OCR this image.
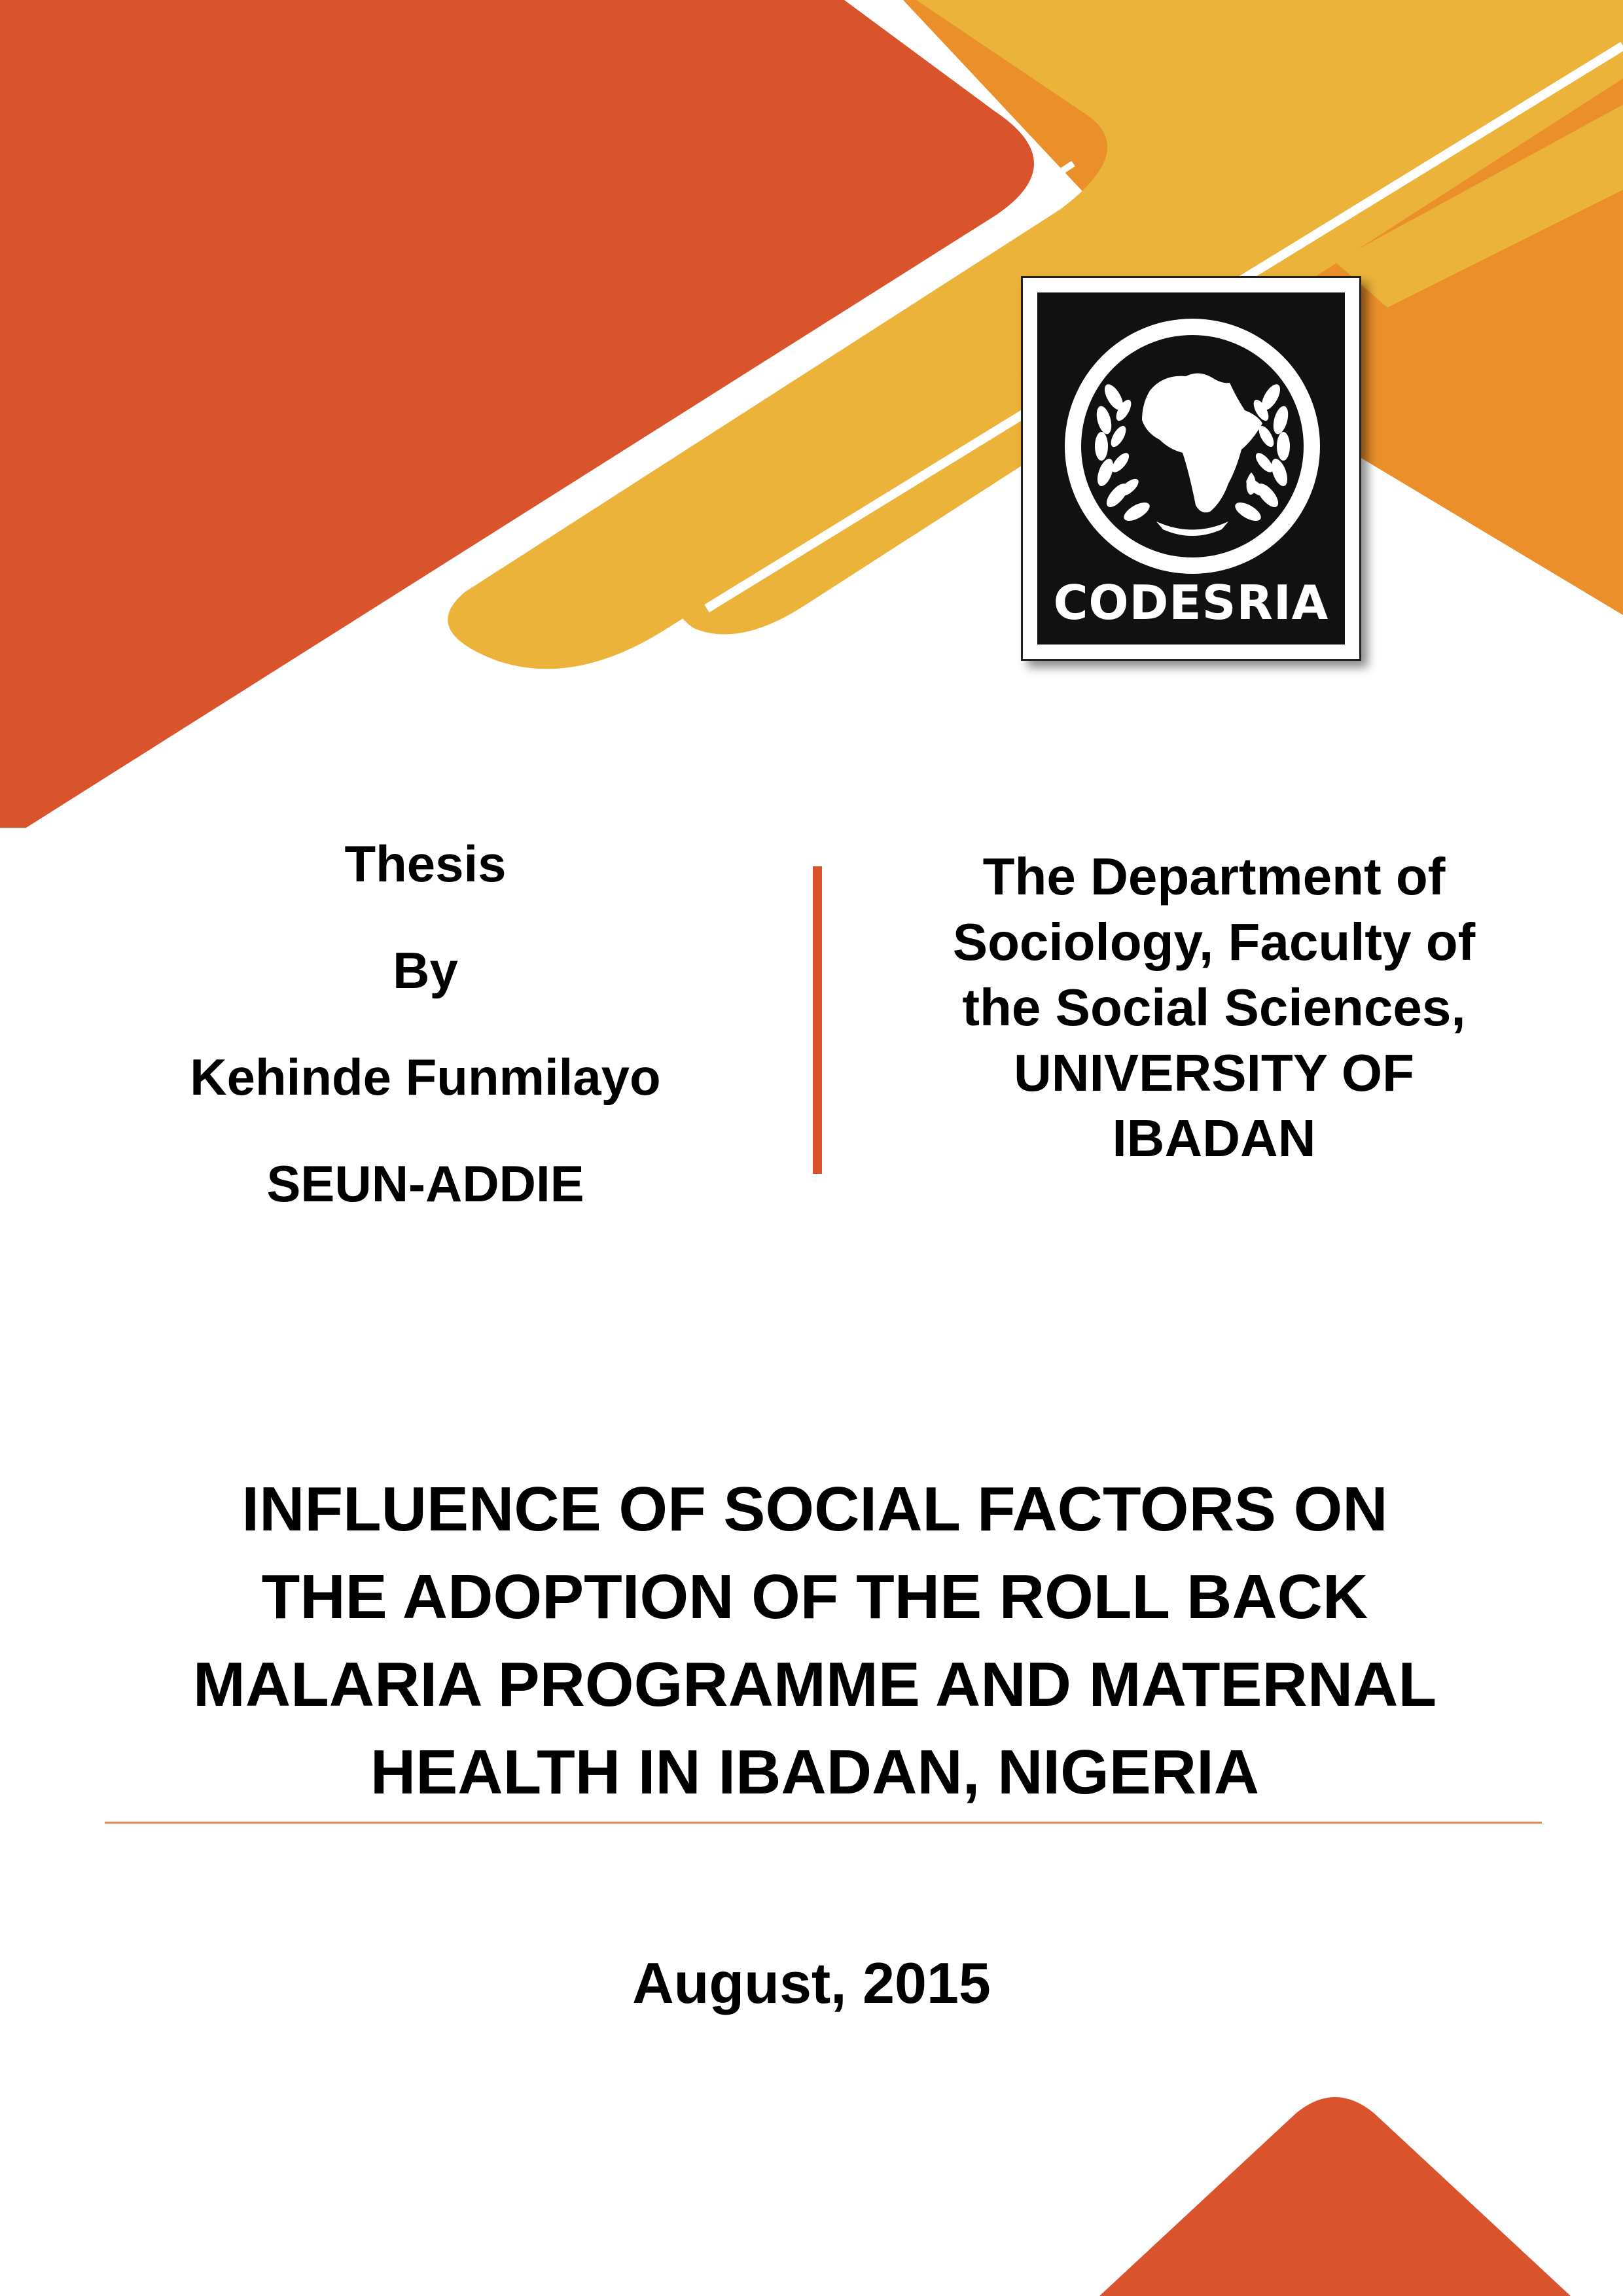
CODESRIA
Thesis
By
Kehinde Funmilayo
SEUN-ADDIE
The Department of
Sociology, Faculty of
the Social Sciences,
UNIVERSITY OF
IBADAN
INFLUENCE OF SOCIAL FACTORS ON
THE ADOPTION OF THE ROLL BACK
MALARIA PROGRAMME AND MATERNAL
HEALTH IN IBADAN, NIGERIA
August, 2015
